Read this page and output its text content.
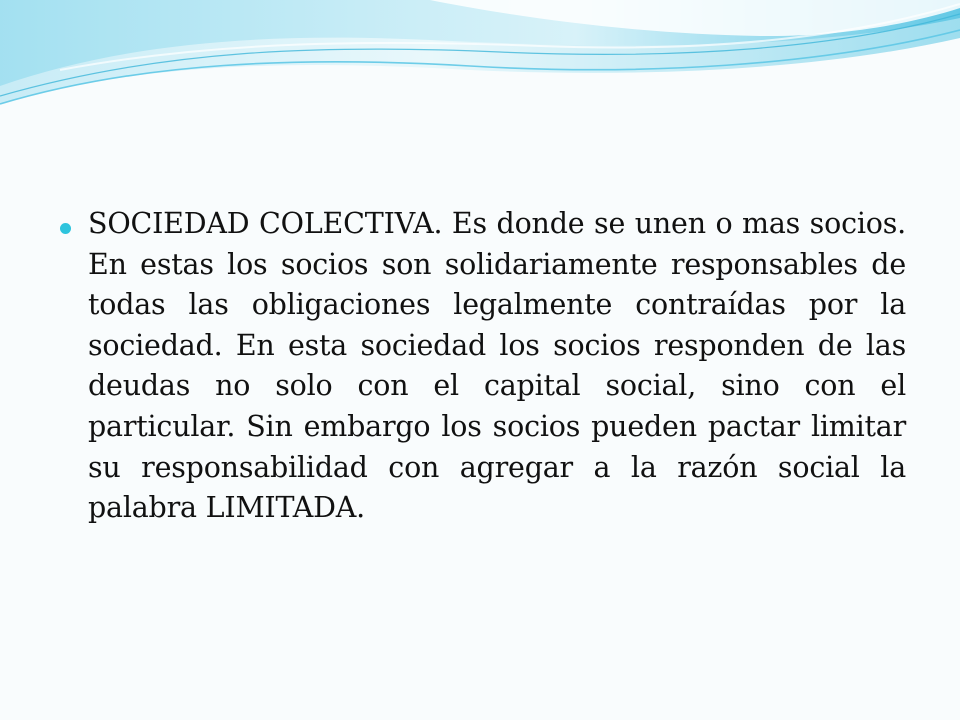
SOCIEDAD COLECTIVA. Es donde se unen o mas socios. En estas los socios son solidariamente responsables de todas las obligaciones legalmente contraídas por la sociedad. En esta sociedad los socios responden de las deudas no solo con el capital social, sino con el particular. Sin embargo los socios pueden pactar limitar su responsabilidad con agregar a la razón social la palabra LIMITADA.
